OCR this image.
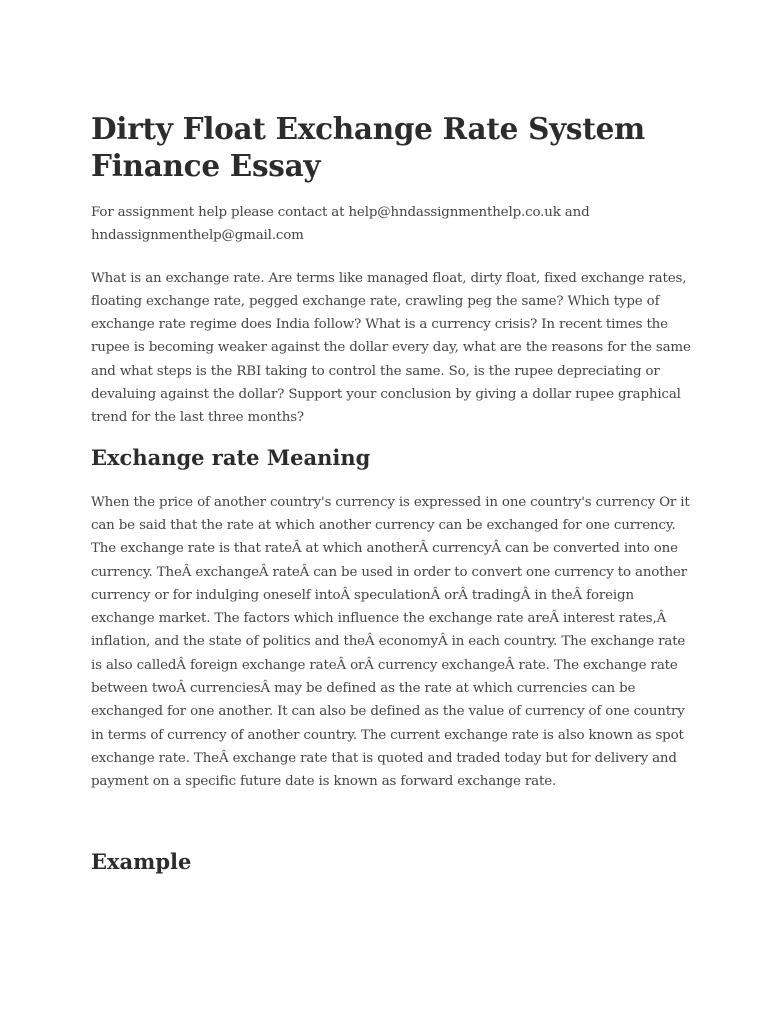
Dirty Float Exchange Rate System Finance Essay

For assignment help please contact at help@hndassignmenthelp.co.uk and hndassignmenthelp@gmail.com

What is an exchange rate. Are terms like managed float, dirty float, fixed exchange rates, floating exchange rate, pegged exchange rate, crawling peg the same? Which type of exchange rate regime does India follow? What is a currency crisis? In recent times the rupee is becoming weaker against the dollar every day, what are the reasons for the same and what steps is the RBI taking to control the same. So, is the rupee depreciating or devaluing against the dollar? Support your conclusion by giving a dollar rupee graphical trend for the last three months?

Exchange rate Meaning

When the price of another country's currency is expressed in one country's currency Or it can be said that the rate at which another currency can be exchanged for one currency. The exchange rate is that rateÂ at which anotherÂ currencyÂ can be converted into one currency. TheÂ exchangeÂ rateÂ can be used in order to convert one currency to another currency or for indulging oneself intoÂ speculationÂ orÂ tradingÂ in theÂ foreign exchange market. The factors which influence the exchange rate areÂ interest rates,Â inflation, and the state of politics and theÂ economyÂ in each country. The exchange rate is also calledÂ foreign exchange rateÂ orÂ currency exchangeÂ rate. The exchange rate between twoÂ currenciesÂ may be defined as the rate at which currencies can be exchanged for one another. It can also be defined as the value of currency of one country in terms of currency of another country. The current exchange rate is also known as spot exchange rate. TheÂ exchange rate that is quoted and traded today but for delivery and payment on a specific future date is known as forward exchange rate.

Example
